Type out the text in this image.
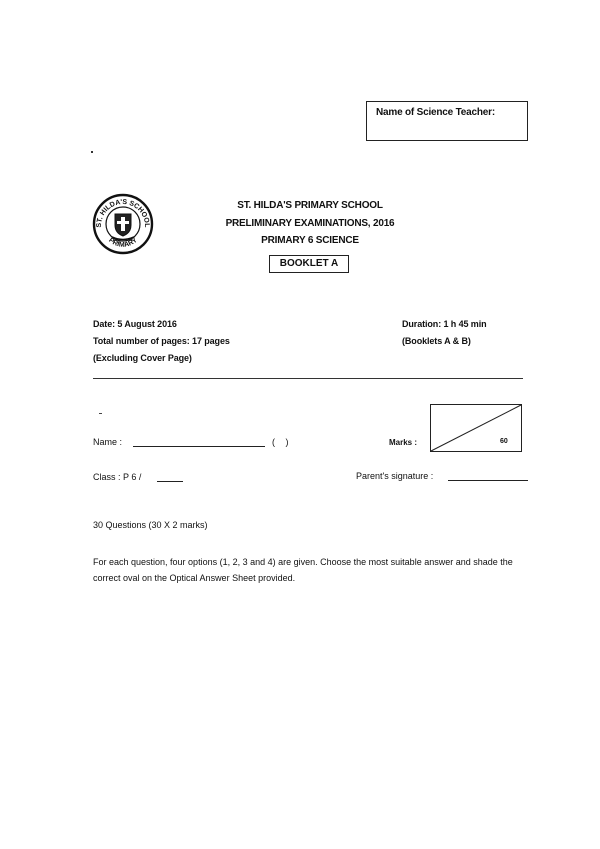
Name of Science Teacher:
ST. HILDA'S SCHOOL
PRIMARY
ST. HILDA'S PRIMARY SCHOOL
PRELIMINARY EXAMINATIONS, 2016
PRIMARY 6 SCIENCE
BOOKLET A
Date: 5 August 2016
Total number of pages: 17 pages
(Excluding Cover Page)
Duration: 1 h 45 min
(Booklets A & B)
Name :	( )	Marks :	60
Class : P 6 /	Parent's signature :
30 Questions (30 X 2 marks)
For each question, four options (1, 2, 3 and 4) are given. Choose the most suitable answer and shade the correct oval on the Optical Answer Sheet provided.
